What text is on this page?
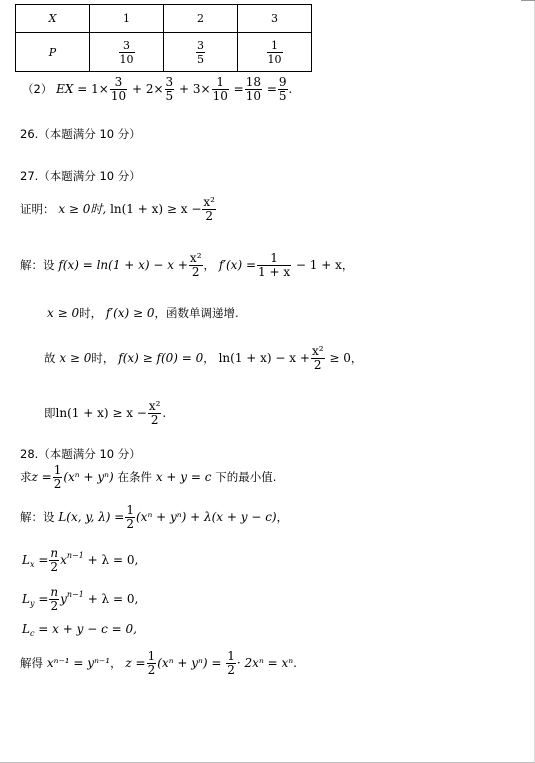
X	1	2	3
P	$\frac{3}{10}$	$\frac{3}{5}$	$\frac{1}{10}$
（2） EX = $1\times \frac{3}{10} + 2\times \frac{3}{5} + 3\times \frac{1}{10} = \frac{18}{10} = \frac{9}{5}$ .
26.（本题满分 10 分）
27.（本题满分 10 分）
证明： x ≥ 0时, $\ln(1 + x) \ge x - \frac{\text{x²}}{2}$
解：设 $f(x) = \ln(1 + x) - x + \frac{\text{x²}}{2}$ ， $f'(x) = \frac{1}{1 + x} - 1 + x$，
x ≥ 0时， f′(x) ≥ 0，函数单调递增.
故 x ≥ 0时， f(x) ≥ f(0) = 0， $\ln(1 + x) - x + \frac{\text{x²}}{2} \ge 0$，
即$\ln(1 + x) \ge x - \frac{\text{x²}}{2}$ .
28.（本题满分 10 分）
求$z = \frac{1}{2} (x^n + y^n)$ 在条件 x + y = c 下的最小值.
解：设 L(x, y, $\lambda) = \frac{1}{2} (x^n + y^n) + \lambda(x + y - c)$，
$L_x = \frac{n}{2} x^{n-1} + \lambda = 0$,
$L_y = \frac{n}{2} y^{n-1} + \lambda = 0$,
$L_c = x + y - c = 0$,
解得 xⁿ⁻¹ = yⁿ⁻¹， $z = \frac{1}{2} (x^n + y^n) = \frac{1}{2} \cdot 2x^n = x^n$.
